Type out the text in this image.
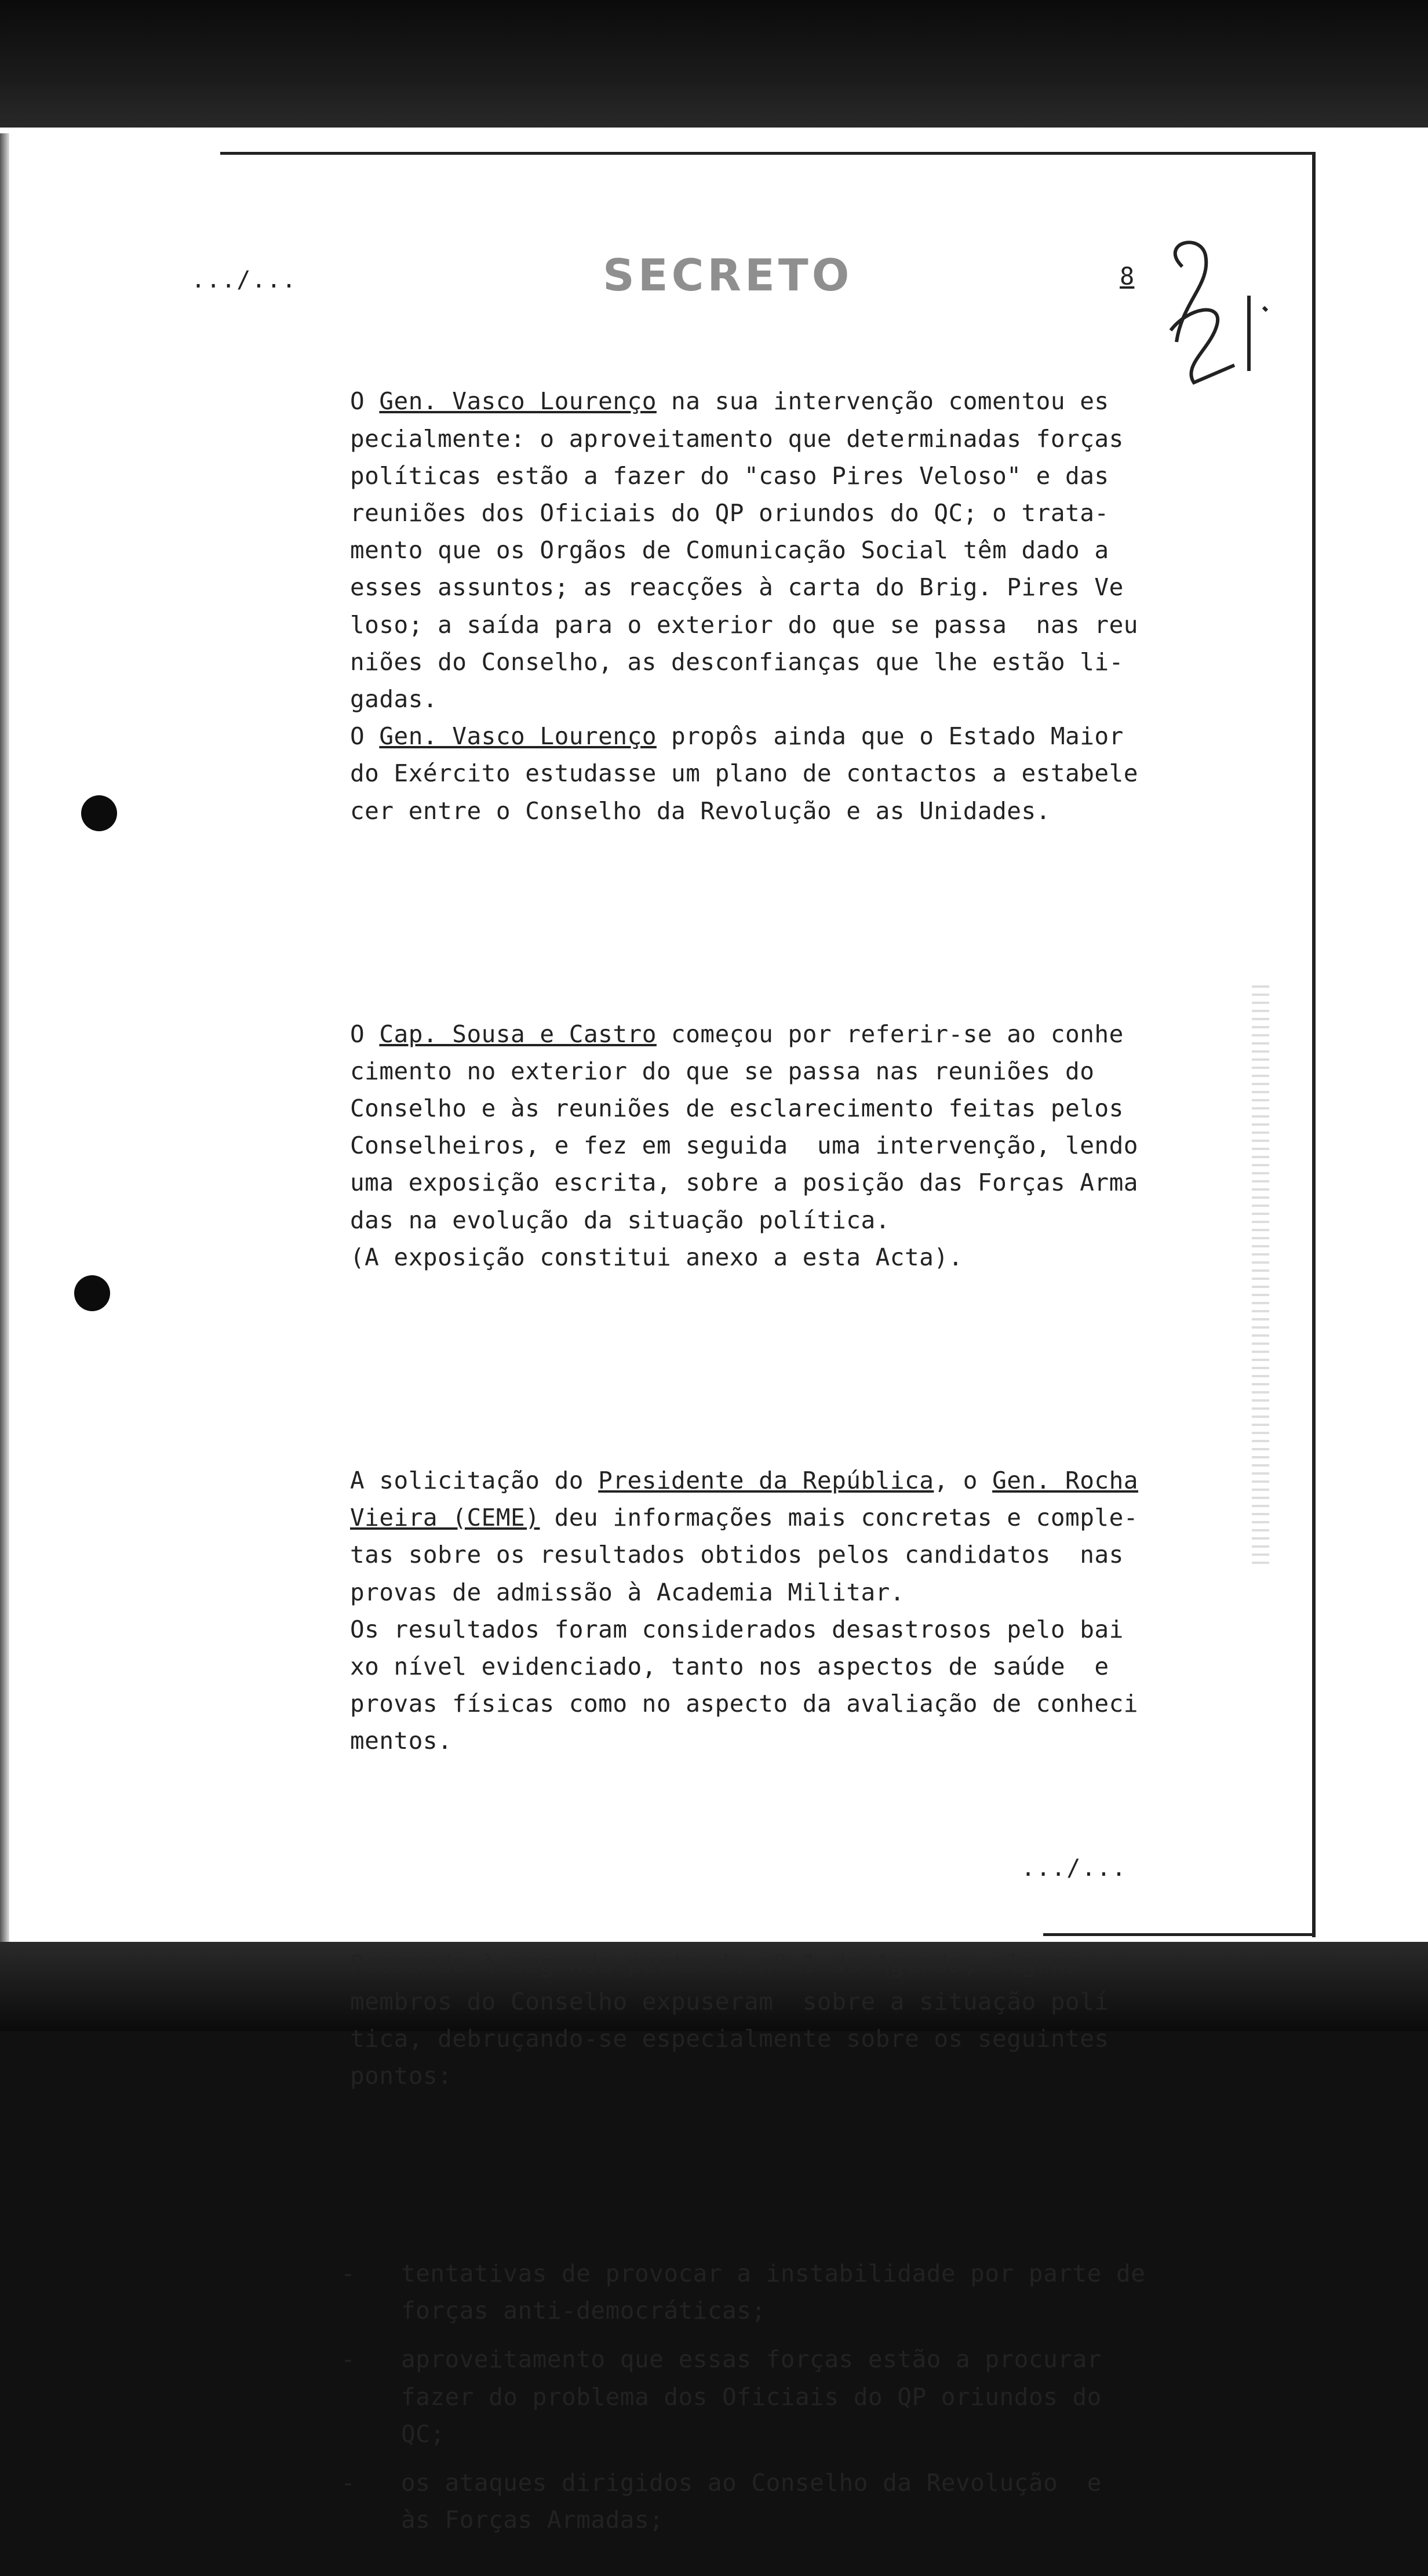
.../...	SECRETO	8

O Gen. Vasco Lourenço na sua intervenção comentou es

pecialmente: o aproveitamento que determinadas forças

políticas estão a fazer do "caso Pires Veloso" e das

reuniões dos Oficiais do QP oriundos do QC; o trata-

mento que os Orgãos de Comunicação Social têm dado a

esses assuntos; as reacções à carta do Brig. Pires Ve

loso; a saída para o exterior do que se passa  nas reu

niões do Conselho, as desconfianças que lhe estão li-

gadas.

O Gen. Vasco Lourenço propôs ainda que o Estado Maior

do Exército estudasse um plano de contactos a estabele

cer entre o Conselho da Revolução e as Unidades.

O Cap. Sousa e Castro começou por referir-se ao conhe

cimento no exterior do que se passa nas reuniões do

Conselho e às reuniões de esclarecimento feitas pelos

Conselheiros, e fez em seguida  uma intervenção, lendo

uma exposição escrita, sobre a posição das Forças Arma

das na evolução da situação política.

(A exposição constitui anexo a esta Acta).

A solicitação do Presidente da República, o Gen. Rocha

Vieira (CEME) deu informações mais concretas e comple-

tas sobre os resultados obtidos pelos candidatos  nas

provas de admissão à Academia Militar.

Os resultados foram considerados desastrosos pelo bai

xo nível evidenciado, tanto nos aspectos de saúde  e

provas físicas como no aspecto da avaliação de conheci

mentos.

Passando à segunda parte do nº 1 da Agenda, alguns

membros do Conselho expuseram  sobre a situação polí

tica, debruçando-se especialmente sobre os seguintes

pontos:

- tentativas de provocar a instabilidade por parte de
forças anti-democráticas;
- aproveitamento que essas forças estão a procurar
fazer do problema dos Oficiais do QP oriundos do
QC;
- os ataques dirigidos ao Conselho da Revolução  e
às Forças Armadas;

.../...
